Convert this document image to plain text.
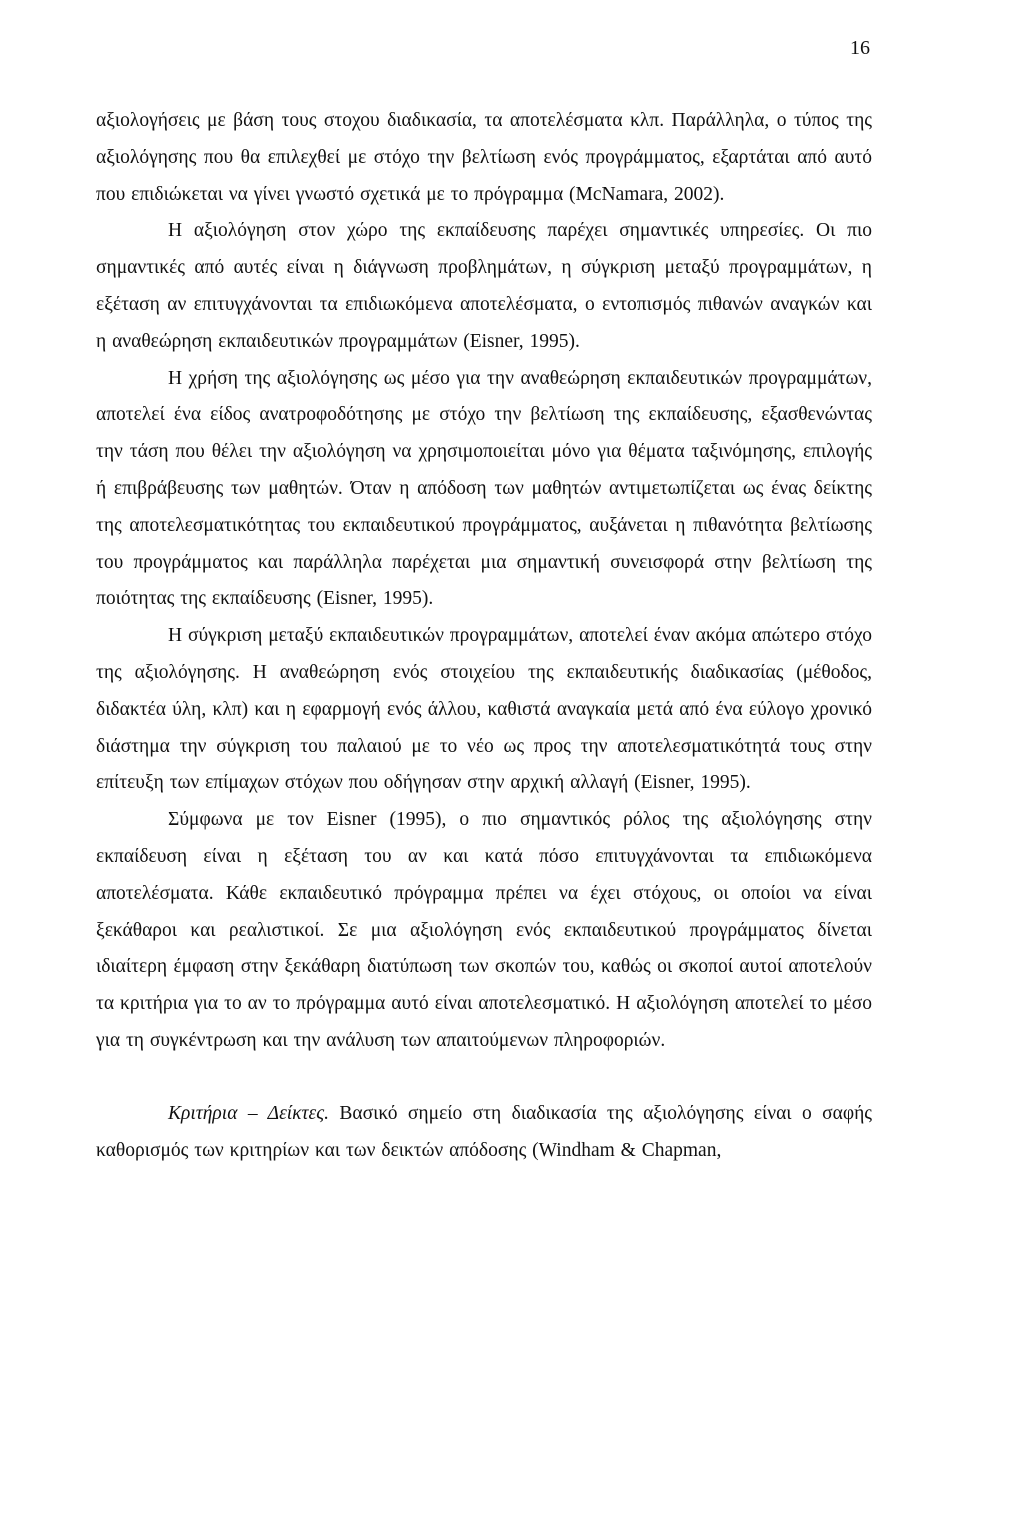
16

αξιολογήσεις με βάση τους στοχου διαδικασία, τα αποτελέσματα κλπ. Παράλληλα, ο τύπος της αξιολόγησης που θα επιλεχθεί με στόχο την βελτίωση ενός προγράμματος, εξαρτάται από αυτό που επιδιώκεται να γίνει γνωστό σχετικά με το πρόγραμμα (McNamara, 2002).

Η αξιολόγηση στον χώρο της εκπαίδευσης παρέχει σημαντικές υπηρεσίες. Οι πιο σημαντικές από αυτές είναι η διάγνωση προβλημάτων, η σύγκριση μεταξύ προγραμμάτων, η εξέταση αν επιτυγχάνονται τα επιδιωκόμενα αποτελέσματα, ο εντοπισμός πιθανών αναγκών και η αναθεώρηση εκπαιδευτικών προγραμμάτων (Eisner, 1995).

Η χρήση της αξιολόγησης ως μέσο για την αναθεώρηση εκπαιδευτικών προγραμμάτων, αποτελεί ένα είδος ανατροφοδότησης με στόχο την βελτίωση της εκπαίδευσης, εξασθενώντας την τάση που θέλει την αξιολόγηση να χρησιμοποιείται μόνο για θέματα ταξινόμησης, επιλογής ή επιβράβευσης των μαθητών. Όταν η απόδοση των μαθητών αντιμετωπίζεται ως ένας δείκτης της αποτελεσματικότητας του εκπαιδευτικού προγράμματος, αυξάνεται η πιθανότητα βελτίωσης του προγράμματος και παράλληλα παρέχεται μια σημαντική συνεισφορά στην βελτίωση της ποιότητας της εκπαίδευσης (Eisner, 1995).

Η σύγκριση μεταξύ εκπαιδευτικών προγραμμάτων, αποτελεί έναν ακόμα απώτερο στόχο της αξιολόγησης. Η αναθεώρηση ενός στοιχείου της εκπαιδευτικής διαδικασίας (μέθοδος, διδακτέα ύλη, κλπ) και η εφαρμογή ενός άλλου, καθιστά αναγκαία μετά από ένα εύλογο χρονικό διάστημα την σύγκριση του παλαιού με το νέο ως προς την αποτελεσματικότητά τους στην επίτευξη των επίμαχων στόχων που οδήγησαν στην αρχική αλλαγή (Eisner, 1995).

Σύμφωνα με τον Eisner (1995), ο πιο σημαντικός ρόλος της αξιολόγησης στην εκπαίδευση είναι η εξέταση του αν και κατά πόσο επιτυγχάνονται τα επιδιωκόμενα αποτελέσματα. Κάθε εκπαιδευτικό πρόγραμμα πρέπει να έχει στόχους, οι οποίοι να είναι ξεκάθαροι και ρεαλιστικοί. Σε μια αξιολόγηση ενός εκπαιδευτικού προγράμματος δίνεται ιδιαίτερη έμφαση στην ξεκάθαρη διατύπωση των σκοπών του, καθώς οι σκοποί αυτοί αποτελούν τα κριτήρια για το αν το πρόγραμμα αυτό είναι αποτελεσματικό. Η αξιολόγηση αποτελεί το μέσο για τη συγκέντρωση και την ανάλυση των απαιτούμενων πληροφοριών.

Κριτήρια – Δείκτες. Βασικό σημείο στη διαδικασία της αξιολόγησης είναι ο σαφής καθορισμός των κριτηρίων και των δεικτών απόδοσης (Windham & Chapman,
